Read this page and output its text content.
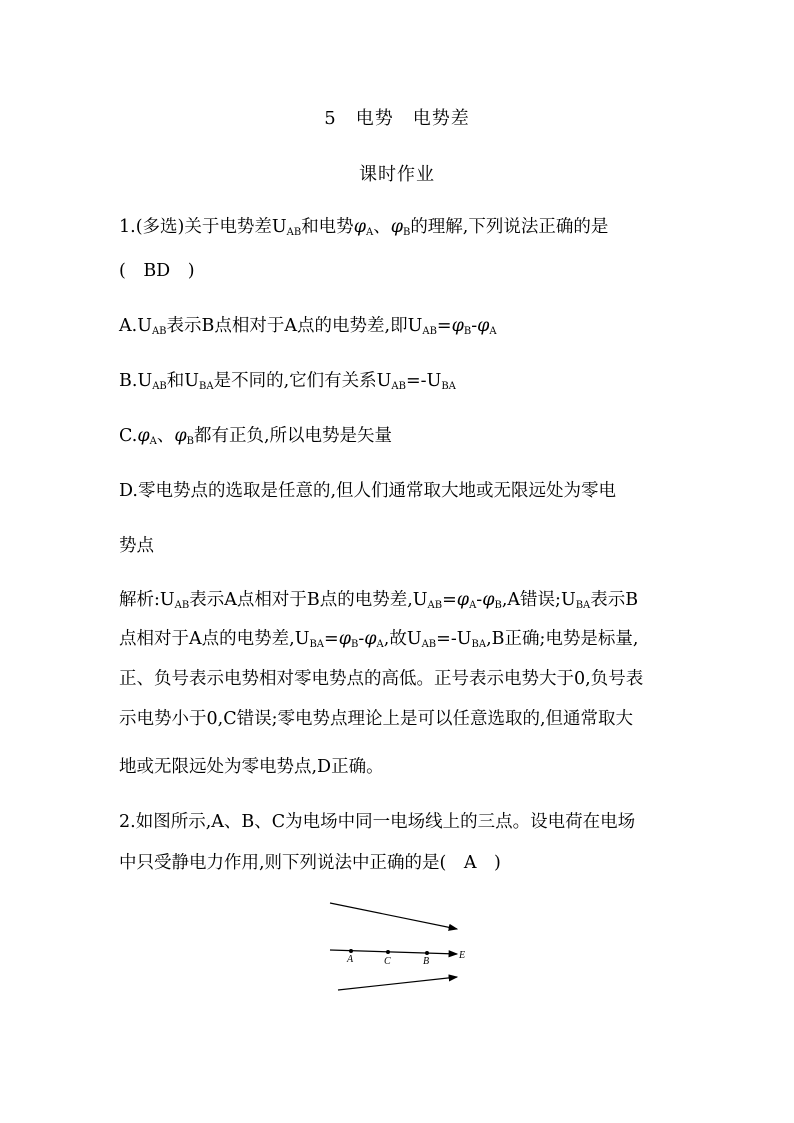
5　电势　电势差
课时作业
1.(多选)关于电势差$U_{AB}$和电势$\varphi_A$、$\varphi_B$的理解,下列说法正确的是
(　BD　)
$A.U_{AB}$表示B点相对于A点的电势差,即$U_{AB}=\varphi_B-\varphi_A$
$B.U_{AB}$和$U_{BA}$是不同的,它们有关系$U_{AB}=-U_{BA}$
$C.\varphi_A$、$\varphi_B$都有正负,所以电势是矢量
D.零电势点的选取是任意的,但人们通常取大地或无限远处为零电
势点
解析$:U_{AB}$表示A点相对于B点的电势差$,U_{AB}=\varphi_A-\varphi_B,A$错误$;U_{BA}$表示B
点相对于A点的电势差$,U_{BA}=\varphi_B-\varphi_A$,故$U_{AB}=-U_{BA},B$正确;电势是标量,
正、负号表示电势相对零电势点的高低。正号表示电势大于0,负号表
示电势小于0,C错误;零电势点理论上是可以任意选取的,但通常取大
地或无限远处为零电势点,D正确。
2.如图所示,A、B、C为电场中同一电场线上的三点。设电荷在电场
中只受静电力作用,则下列说法中正确的是(　A　)
A	C	B
E
